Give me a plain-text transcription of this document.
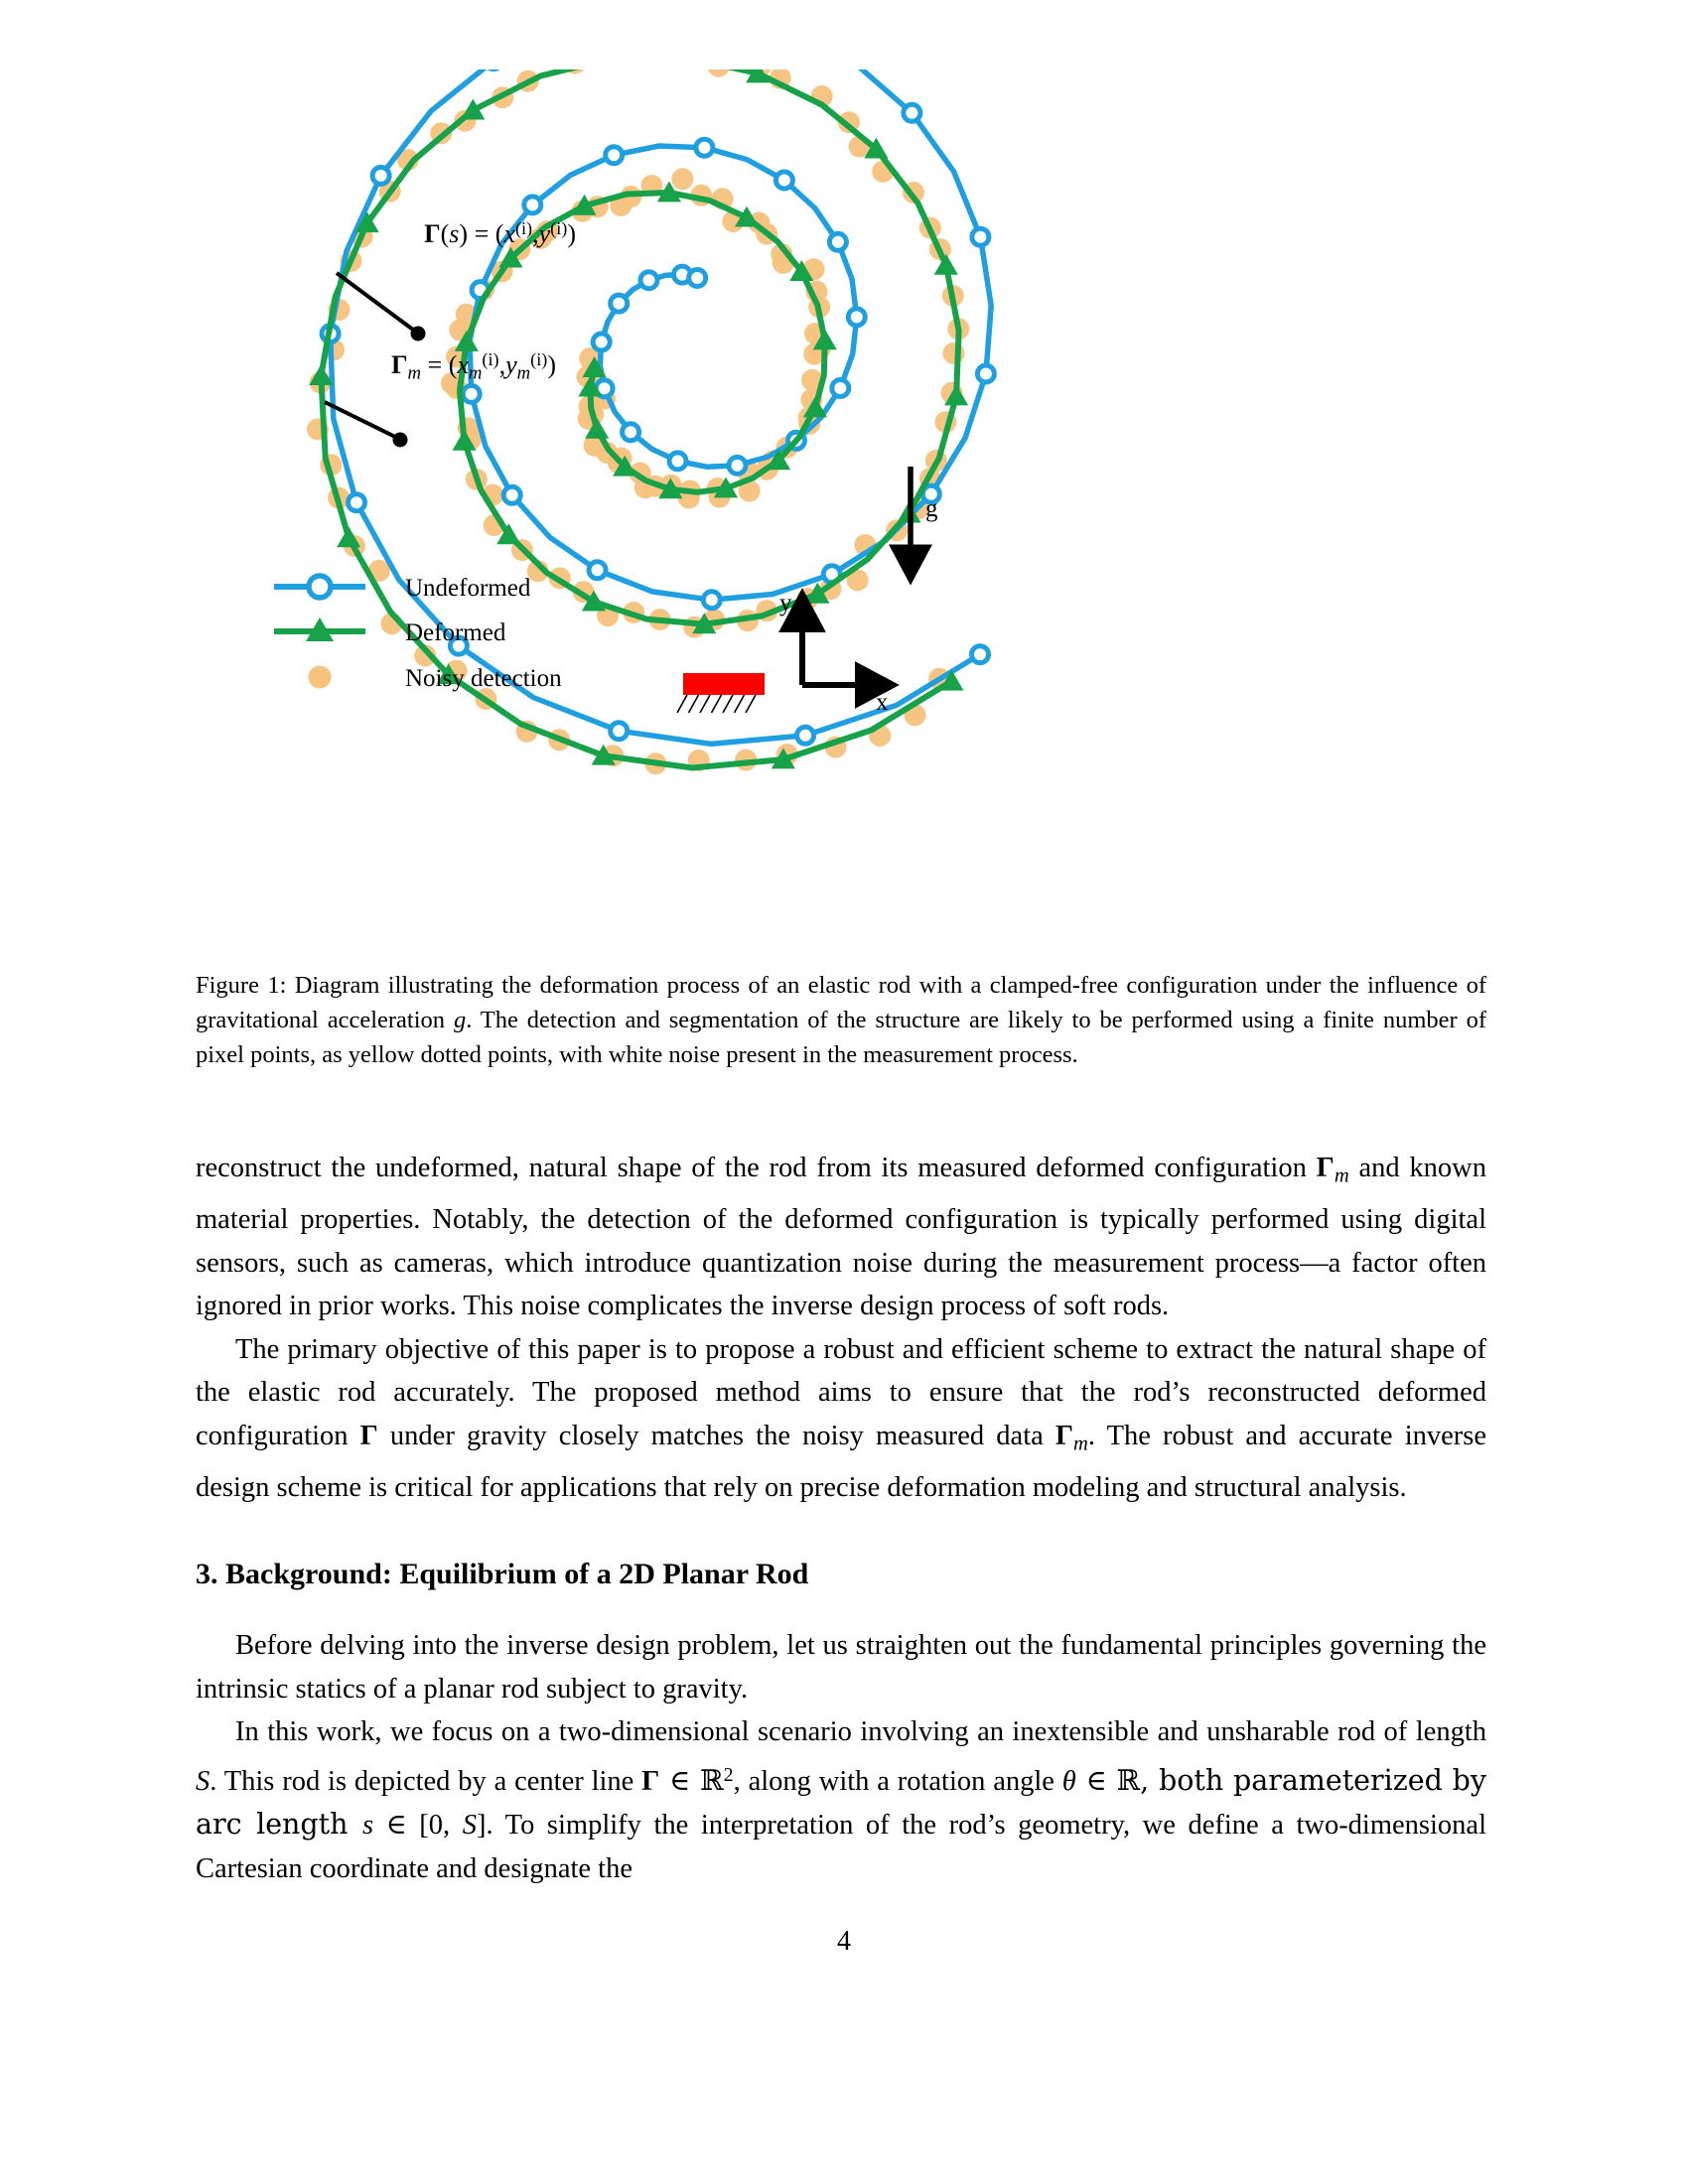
g
y
x
Undeformed
Deformed
Noisy detection
$\Gamma(s) = (x^{(i)},y^{(i)})$
$\Gamma_m = (x_m^{(i)},y_m^{(i)})$
Figure 1: Diagram illustrating the deformation process of an elastic rod with a clamped-free configuration under the influence of gravitational acceleration g. The detection and segmentation of the structure are likely to be performed using a finite number of pixel points, as yellow dotted points, with white noise present in the measurement process.

reconstruct the undeformed, natural shape of the rod from its measured deformed configuration $\Gamma_m$ and known material properties. Notably, the detection of the deformed configuration is typically performed using digital sensors, such as cameras, which introduce quantization noise during the measurement process—a factor often ignored in prior works. This noise complicates the inverse design process of soft rods.

The primary objective of this paper is to propose a robust and efficient scheme to extract the natural shape of the elastic rod accurately. The proposed method aims to ensure that the rod’s reconstructed deformed configuration Γ under gravity closely matches the noisy measured data $\Gamma_m$. The robust and accurate inverse design scheme is critical for applications that rely on precise deformation modeling and structural analysis.

3. Background: Equilibrium of a 2D Planar Rod

Before delving into the inverse design problem, let us straighten out the fundamental principles governing the intrinsic statics of a planar rod subject to gravity.

In this work, we focus on a two-dimensional scenario involving an inextensible and unsharable rod of length S. This rod is depicted by a center line Γ ∈ ℝ$^2$, along with a rotation angle θ ∈ ℝ, both parameterized by arc length s ∈ [0, S]. To simplify the interpretation of the rod’s geometry, we define a two-dimensional Cartesian coordinate and designate the

4
